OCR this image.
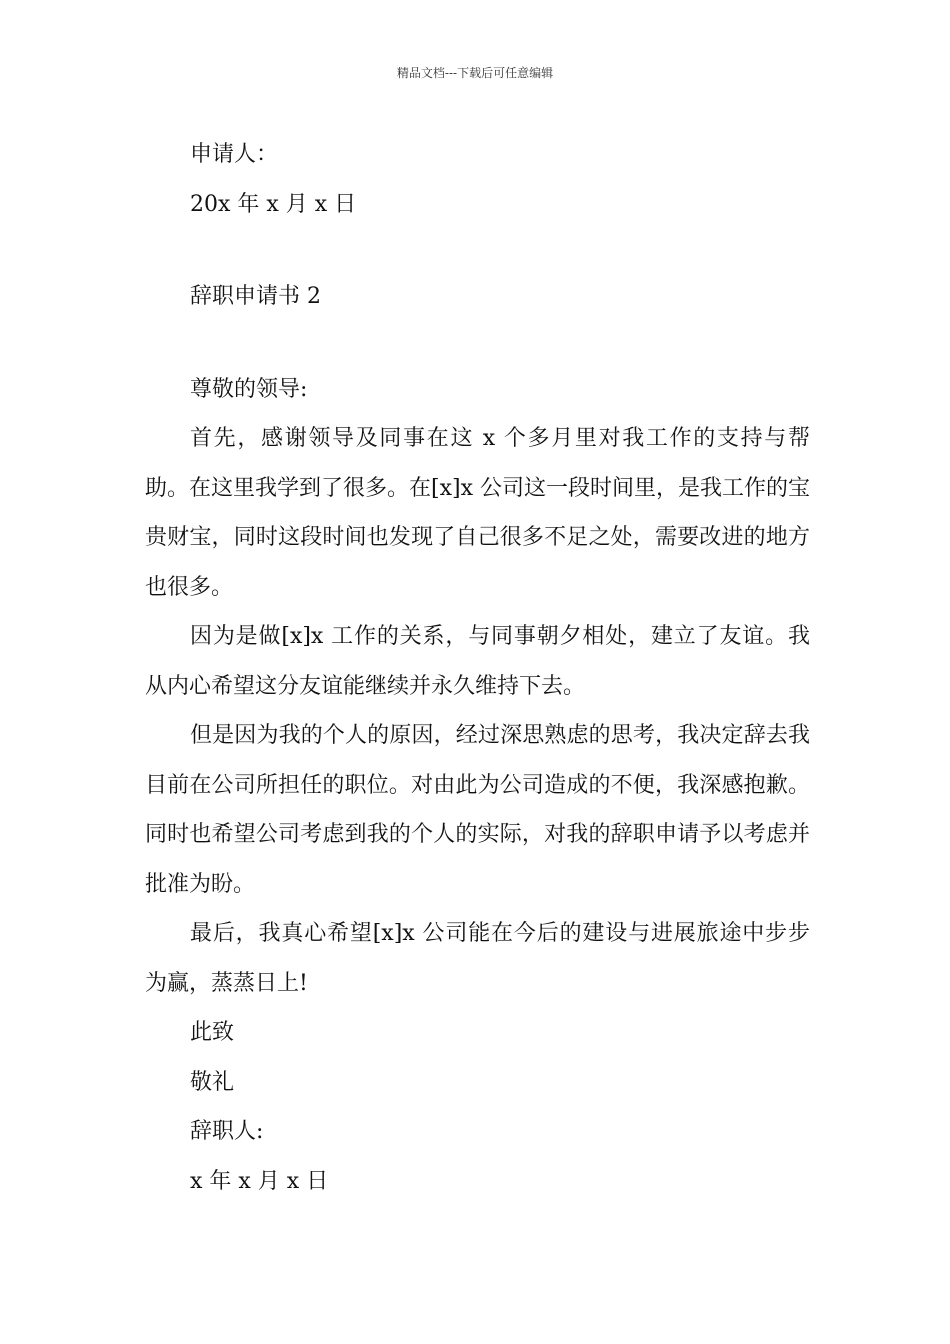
精品文档---下载后可任意编辑
申请人：
20x 年 x 月 x 日
辞职申请书 2
尊敬的领导:

首先，感谢领导及同事在这 x 个多月里对我工作的支持与帮助。在这里我学到了很多。在[x]x 公司这一段时间里，是我工作的宝贵财宝，同时这段时间也发现了自己很多不足之处，需要改进的地方也很多。

因为是做[x]x 工作的关系，与同事朝夕相处，建立了友谊。我从内心希望这分友谊能继续并永久维持下去。

但是因为我的个人的原因，经过深思熟虑的思考，我决定辞去我目前在公司所担任的职位。对由此为公司造成的不便，我深感抱歉。同时也希望公司考虑到我的个人的实际，对我的辞职申请予以考虑并批准为盼。

最后，我真心希望[x]x 公司能在今后的建设与进展旅途中步步为赢，蒸蒸日上!

此致
敬礼
辞职人:
x 年 x 月 x 日
